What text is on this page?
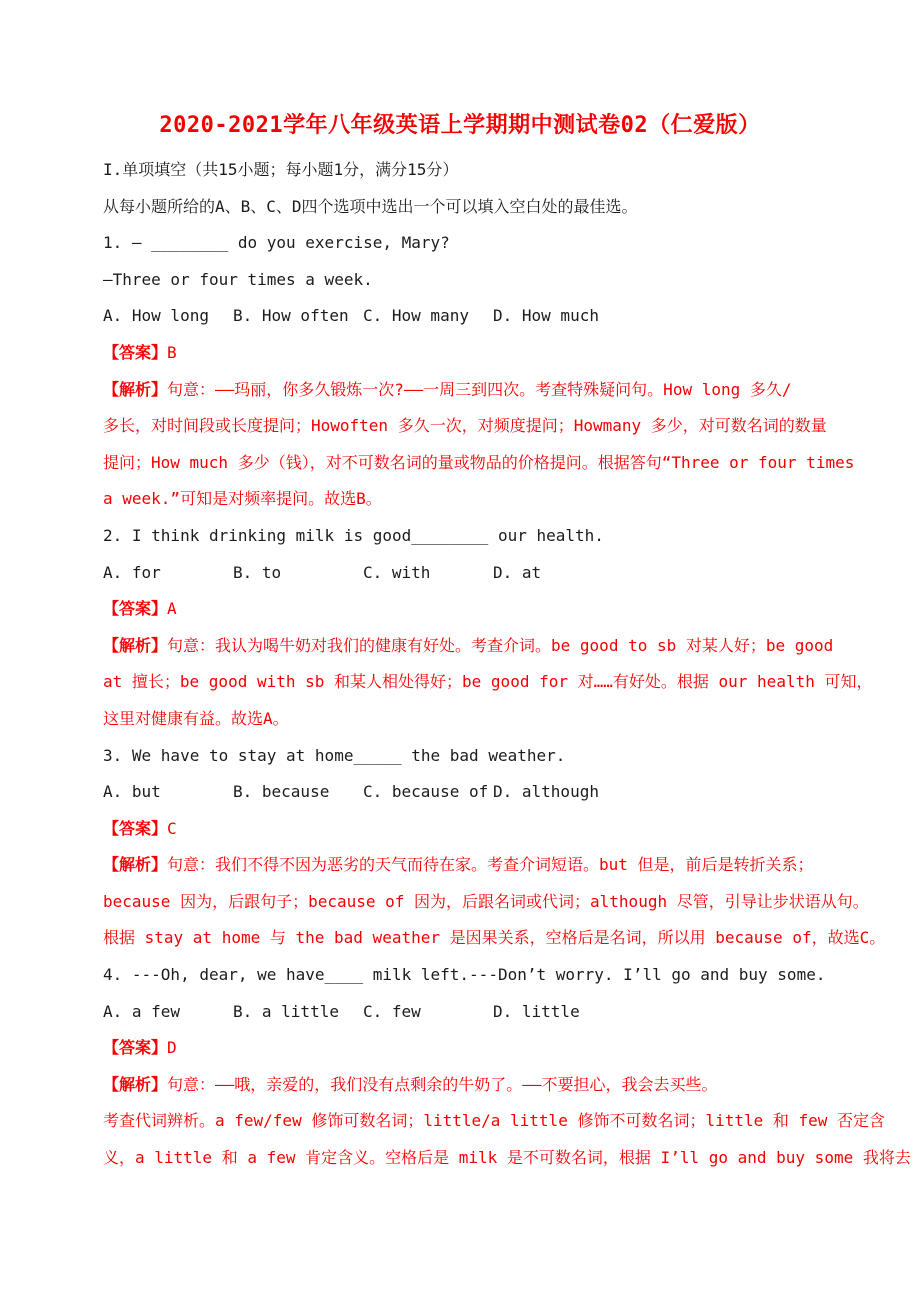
2020-2021学年八年级英语上学期期中测试卷02（仁爱版）
I.单项填空（共15小题；每小题1分，满分15分）
从每小题所给的A、B、C、D四个选项中选出一个可以填入空白处的最佳选。
1. — ________ do you exercise, Mary?
—Three or four times a week.
A. How long B. How often C. How many D. How much
【答案】B
【解析】句意：——玛丽，你多久锻炼一次?——一周三到四次。考查特殊疑问句。How long 多久/
多长，对时间段或长度提问；Howoften 多久一次，对频度提问；Howmany 多少，对可数名词的数量
提问；How much 多少（钱），对不可数名词的量或物品的价格提问。根据答句“Three or four times
a week.”可知是对频率提问。故选B。
2. I think drinking milk is good________ our health.
A. for	B. to	C. with	D. at
【答案】A
【解析】句意：我认为喝牛奶对我们的健康有好处。考查介词。be good to sb 对某人好；be good
at 擅长；be good with sb 和某人相处得好；be good for 对……有好处。根据 our health 可知，
这里对健康有益。故选A。
3. We have to stay at home_____ the bad weather.
A. but	B. because C. because of D. although
【答案】C
【解析】句意：我们不得不因为恶劣的天气而待在家。考查介词短语。but 但是，前后是转折关系；
because 因为，后跟句子；because of 因为，后跟名词或代词；although 尽管，引导让步状语从句。
根据 stay at home 与 the bad weather 是因果关系，空格后是名词，所以用 because of，故选C。
4. ---Oh, dear, we have____ milk left.---Don’t worry. I’ll go and buy some.
A. a few	B. a little C. few	D. little
【答案】D
【解析】句意：——哦，亲爱的，我们没有点剩余的牛奶了。——不要担心，我会去买些。
考查代词辨析。a few/few 修饰可数名词；little/a little 修饰不可数名词；little 和 few 否定含
义，a little 和 a few 肯定含义。空格后是 milk 是不可数名词，根据 I’ll go and buy some 我将去
